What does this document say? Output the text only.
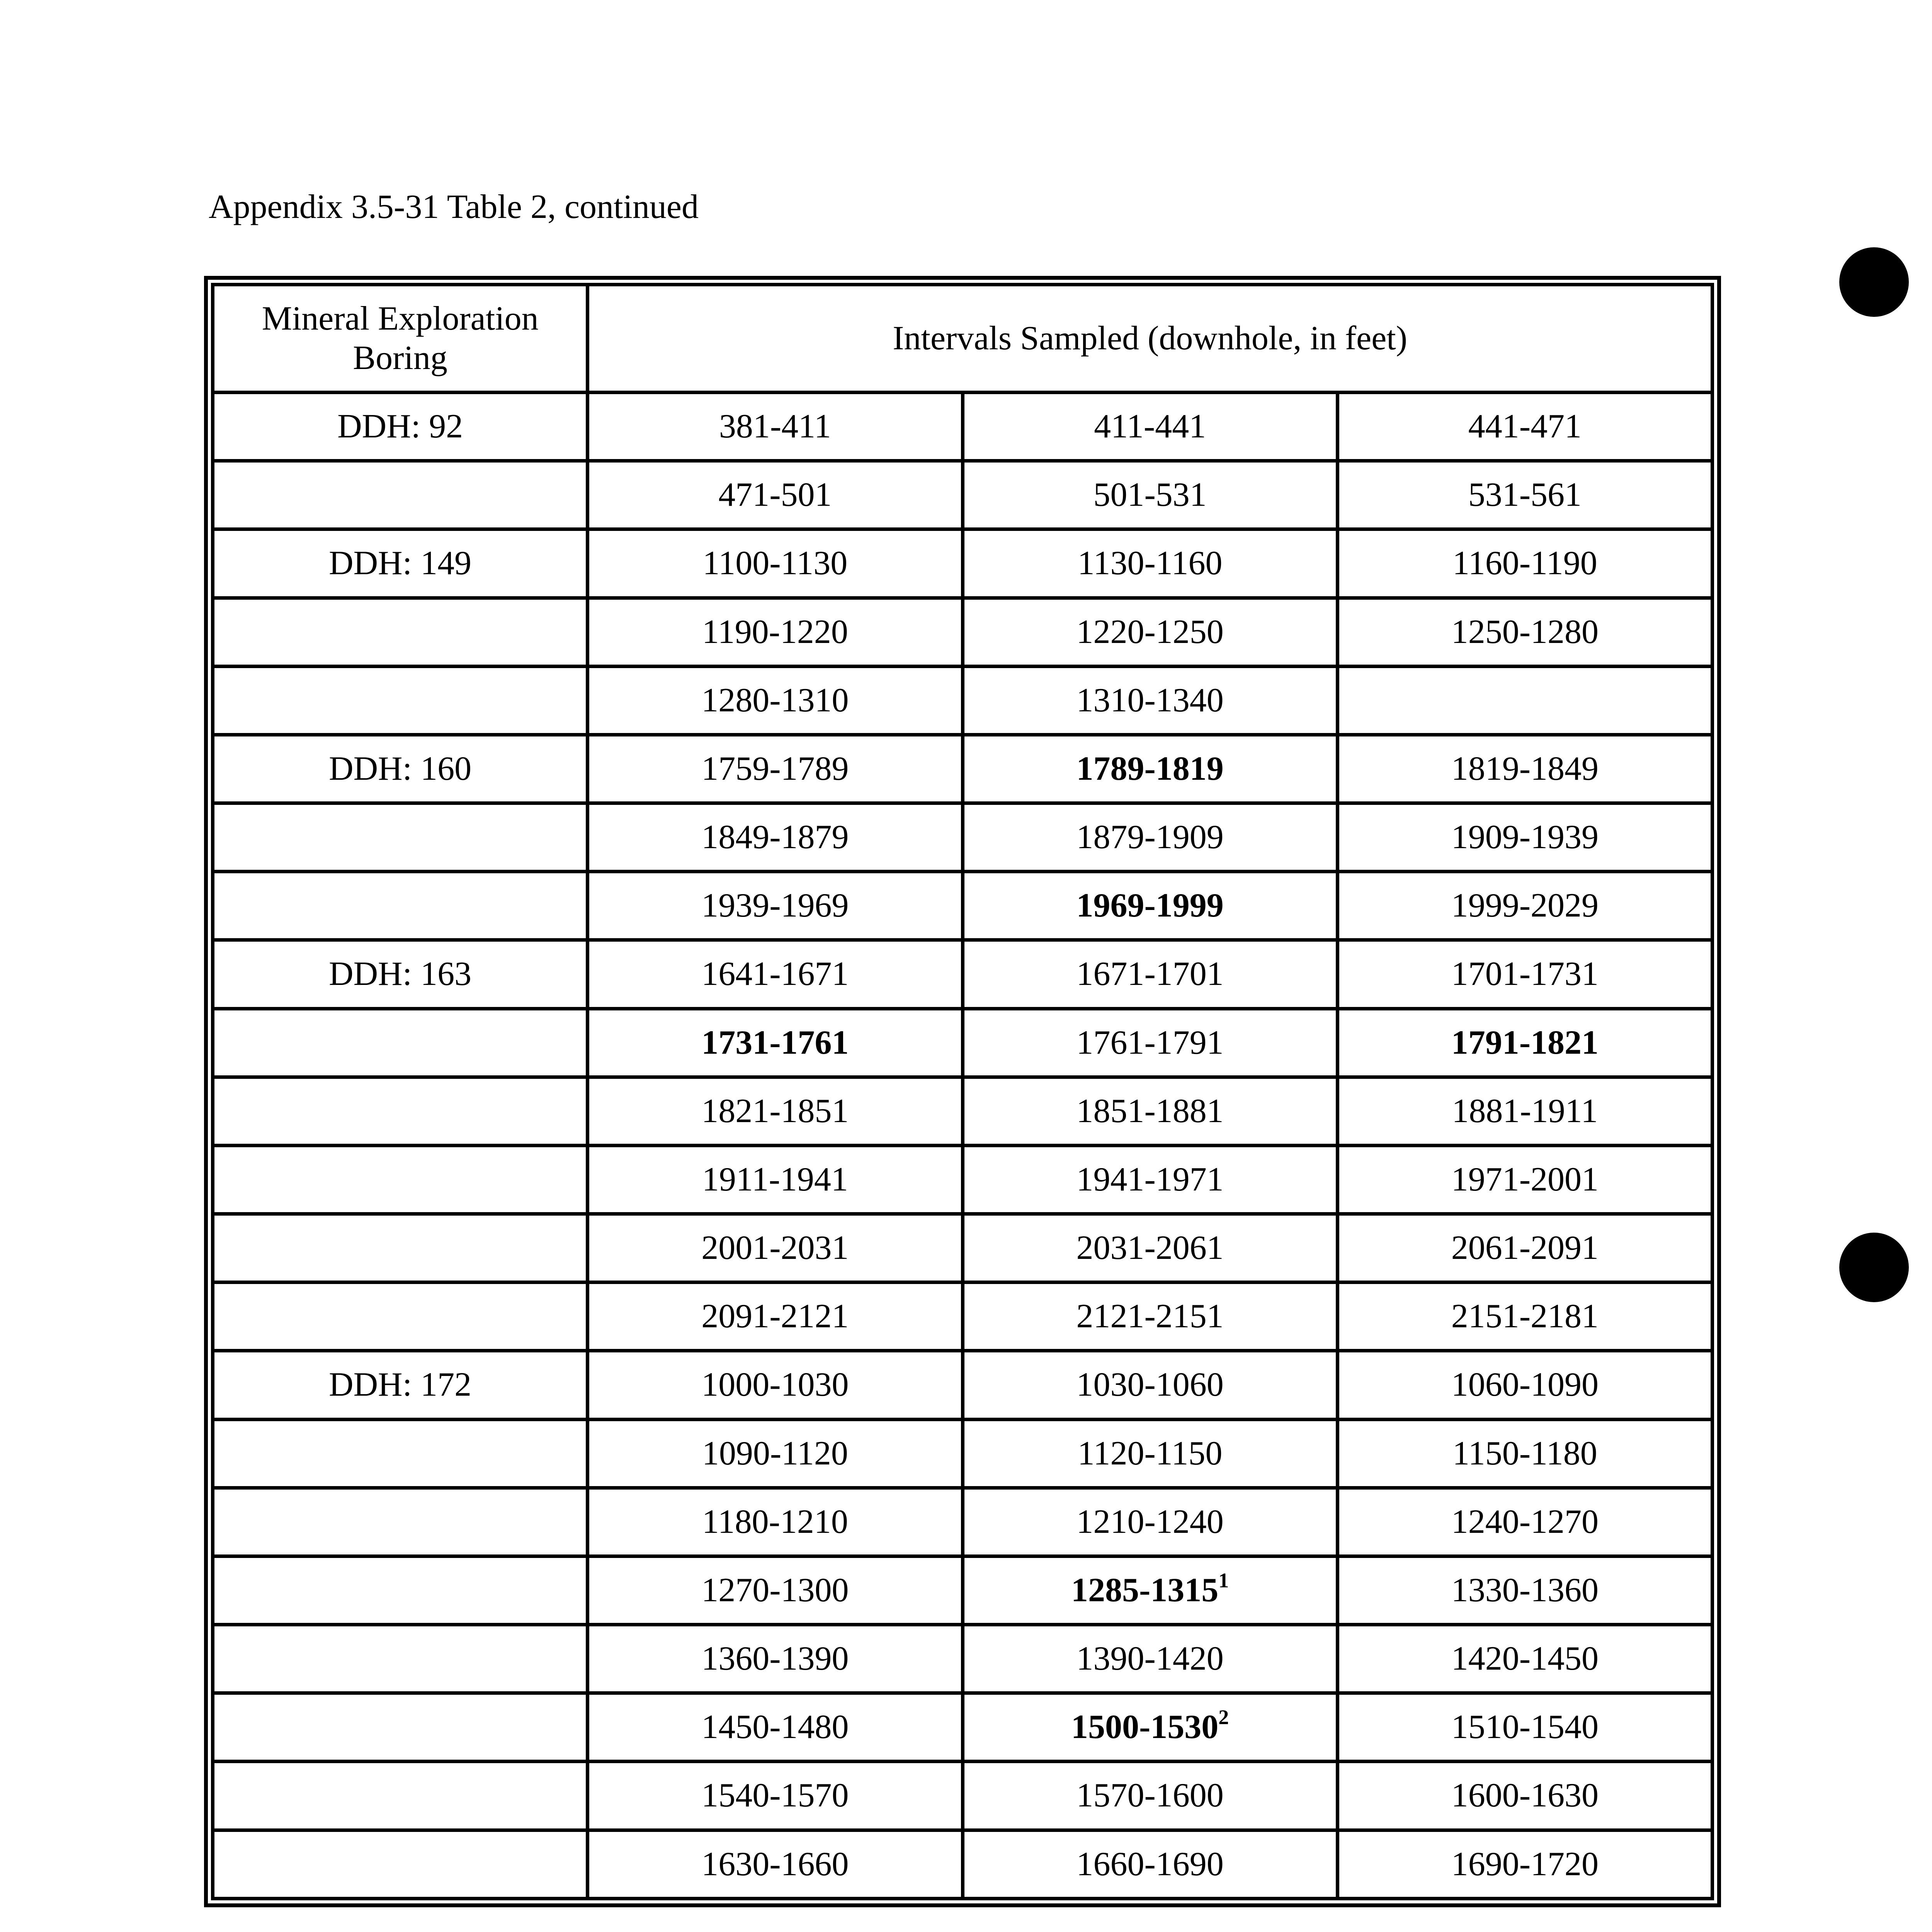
Appendix 3.5-31 Table 2, continued
Mineral Exploration Boring	Intervals Sampled (downhole, in feet)		
DDH: 92	381-411	411-441	441-471
	471-501	501-531	531-561
DDH: 149	1100-1130	1130-1160	1160-1190
	1190-1220	1220-1250	1250-1280
	1280-1310	1310-1340	
DDH: 160	1759-1789	1789-1819	1819-1849
	1849-1879	1879-1909	1909-1939
	1939-1969	1969-1999	1999-2029
DDH: 163	1641-1671	1671-1701	1701-1731
	1731-1761	1761-1791	1791-1821
	1821-1851	1851-1881	1881-1911
	1911-1941	1941-1971	1971-2001
	2001-2031	2031-2061	2061-2091
	2091-2121	2121-2151	2151-2181
DDH: 172	1000-1030	1030-1060	1060-1090
	1090-1120	1120-1150	1150-1180
	1180-1210	1210-1240	1240-1270
	1270-1300	1285-1315$^1$	1330-1360
	1360-1390	1390-1420	1420-1450
	1450-1480	1500-1530$^2$	1510-1540
	1540-1570	1570-1600	1600-1630
	1630-1660	1660-1690	1690-1720
